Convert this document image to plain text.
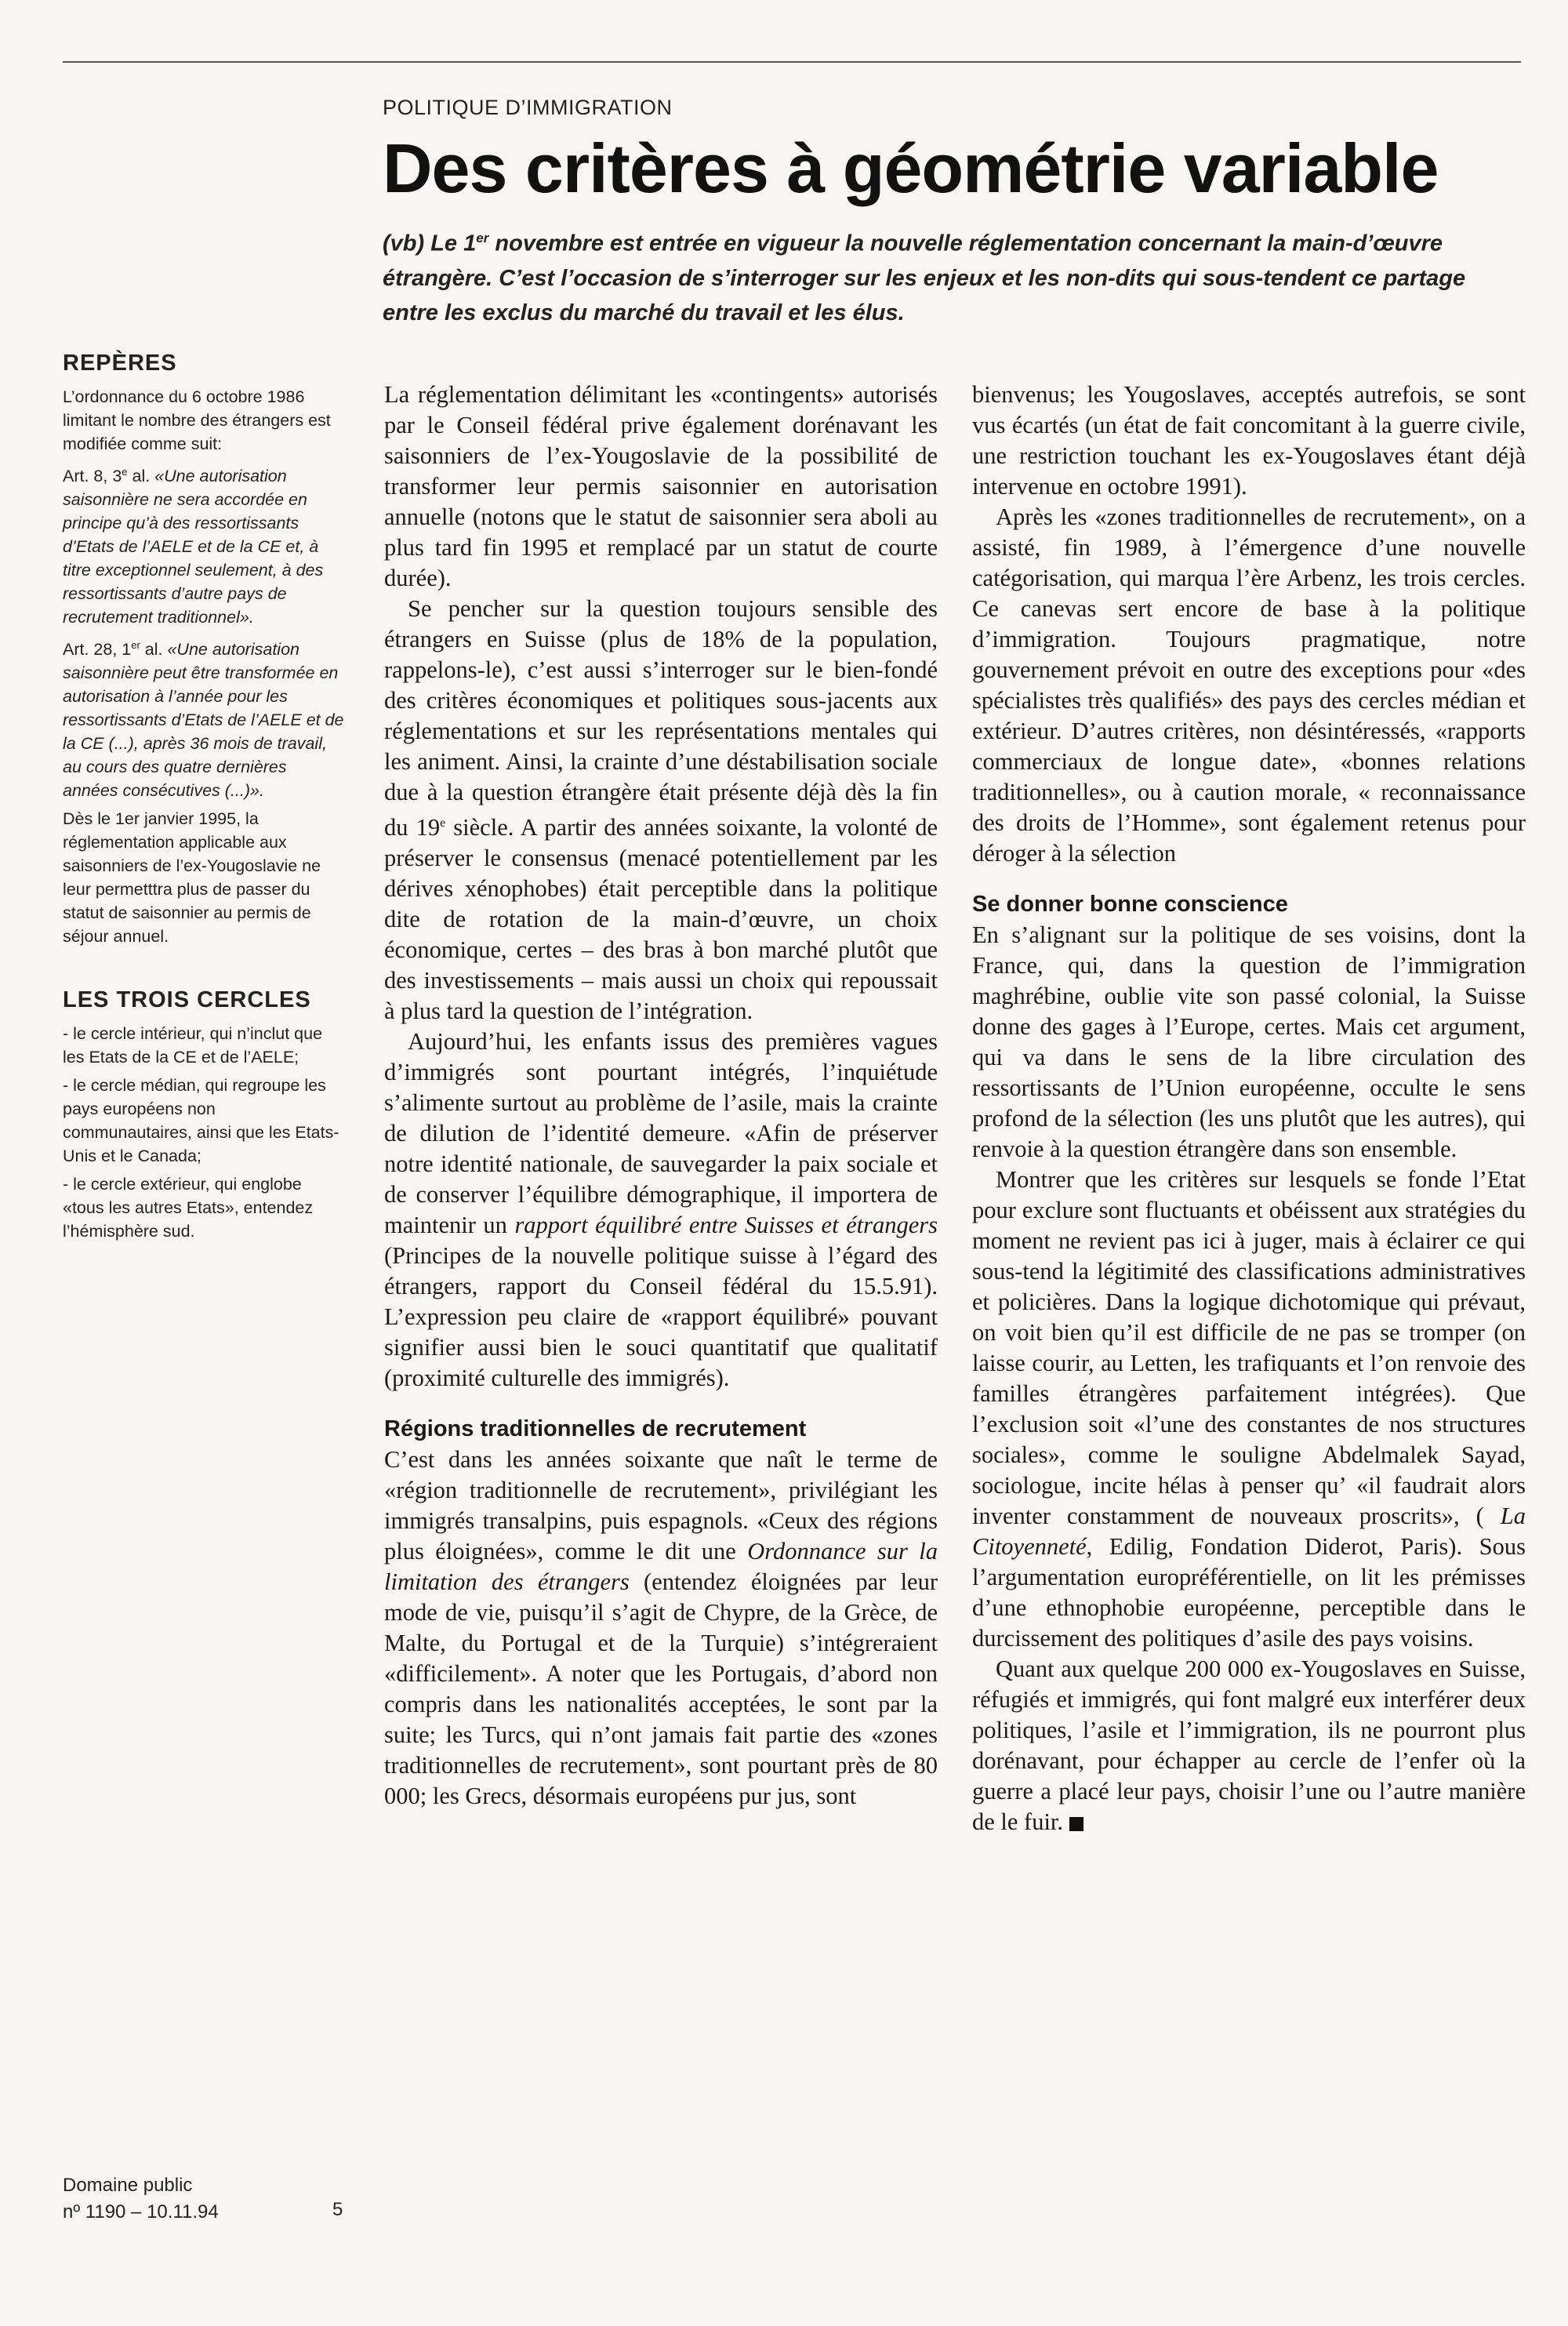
POLITIQUE D’IMMIGRATION
Des critères à géométrie variable

(vb) Le 1er novembre est entrée en vigueur la nouvelle réglementation concernant la main-d’œuvre étrangère. C’est l’occasion de s’interroger sur les enjeux et les non-dits qui sous-tendent ce partage entre les exclus du marché du travail et les élus.

REPÈRES

L’ordonnance du 6 octobre 1986 limitant le nombre des étrangers est modifiée comme suit:

Art. 8, 3e al. «Une autorisation saisonnière ne sera accordée en principe qu’à des ressortissants d’Etats de l’AELE et de la CE et, à titre exceptionnel seulement, à des ressortissants d’autre pays de recrutement traditionnel».

Art. 28, 1er al. «Une autorisation saisonnière peut être transformée en autorisation à l’année pour les ressortissants d’Etats de l’AELE et de la CE (...), après 36 mois de travail, au cours des quatre dernières années consécutives (...)».

Dès le 1er janvier 1995, la réglementation applicable aux saisonniers de l’ex-Yougoslavie ne leur permetttra plus de passer du statut de saisonnier au permis de séjour annuel.

LES TROIS CERCLES

- le cercle intérieur, qui n’inclut que les Etats de la CE et de l’AELE;

- le cercle médian, qui regroupe les pays européens non communautaires, ainsi que les Etats-Unis et le Canada;

- le cercle extérieur, qui englobe «tous les autres Etats», entendez l’hémisphère sud.

Domaine public
nº 1190 – 10.11.94	5

La réglementation délimitant les «contingents» autorisés par le Conseil fédéral prive également dorénavant les saisonniers de l’ex-Yougoslavie de la possibilité de transformer leur permis saisonnier en autorisation annuelle (notons que le statut de saisonnier sera aboli au plus tard fin 1995 et remplacé par un statut de courte durée).

Se pencher sur la question toujours sensible des étrangers en Suisse (plus de 18% de la population, rappelons-le), c’est aussi s’interroger sur le bien-fondé des critères économiques et politiques sous-jacents aux réglementations et sur les représentations mentales qui les animent. Ainsi, la crainte d’une déstabilisation sociale due à la question étrangère était présente déjà dès la fin du 19e siècle. A partir des années soixante, la volonté de préserver le consensus (menacé potentiellement par les dérives xénophobes) était perceptible dans la politique dite de rotation de la main-d’œuvre, un choix économique, certes – des bras à bon marché plutôt que des investissements – mais aussi un choix qui repoussait à plus tard la question de l’intégration.

Aujourd’hui, les enfants issus des premières vagues d’immigrés sont pourtant intégrés, l’inquiétude s’alimente surtout au problème de l’asile, mais la crainte de dilution de l’identité demeure. «Afin de préserver notre identité nationale, de sauvegarder la paix sociale et de conserver l’équilibre démographique, il importera de maintenir un rapport équilibré entre Suisses et étrangers (Principes de la nouvelle politique suisse à l’égard des étrangers, rapport du Conseil fédéral du 15.5.91). L’expression peu claire de «rapport équilibré» pouvant signifier aussi bien le souci quantitatif que qualitatif (proximité culturelle des immigrés).

Régions traditionnelles de recrutement

C’est dans les années soixante que naît le terme de «région traditionnelle de recrutement», privilégiant les immigrés transalpins, puis espagnols. «Ceux des régions plus éloignées», comme le dit une Ordonnance sur la limitation des étrangers (entendez éloignées par leur mode de vie, puisqu’il s’agit de Chypre, de la Grèce, de Malte, du Portugal et de la Turquie) s’intégreraient «difficilement». A noter que les Portugais, d’abord non compris dans les nationalités acceptées, le sont par la suite; les Turcs, qui n’ont jamais fait partie des «zones traditionnelles de recrutement», sont pourtant près de 80 000; les Grecs, désormais européens pur jus, sont

bienvenus; les Yougoslaves, acceptés autrefois, se sont vus écartés (un état de fait concomitant à la guerre civile, une restriction touchant les ex-Yougoslaves étant déjà intervenue en octobre 1991).

Après les «zones traditionnelles de recrutement», on a assisté, fin 1989, à l’émergence d’une nouvelle catégorisation, qui marqua l’ère Arbenz, les trois cercles. Ce canevas sert encore de base à la politique d’immigration. Toujours pragmatique, notre gouvernement prévoit en outre des exceptions pour «des spécialistes très qualifiés» des pays des cercles médian et extérieur. D’autres critères, non désintéressés, «rapports commerciaux de longue date», «bonnes relations traditionnelles», ou à caution morale, « reconnaissance des droits de l’Homme», sont également retenus pour déroger à la sélection

Se donner bonne conscience

En s’alignant sur la politique de ses voisins, dont la France, qui, dans la question de l’immigration maghrébine, oublie vite son passé colonial, la Suisse donne des gages à l’Europe, certes. Mais cet argument, qui va dans le sens de la libre circulation des ressortissants de l’Union européenne, occulte le sens profond de la sélection (les uns plutôt que les autres), qui renvoie à la question étrangère dans son ensemble.

Montrer que les critères sur lesquels se fonde l’Etat pour exclure sont fluctuants et obéissent aux stratégies du moment ne revient pas ici à juger, mais à éclairer ce qui sous-tend la légitimité des classifications administratives et policières. Dans la logique dichotomique qui prévaut, on voit bien qu’il est difficile de ne pas se tromper (on laisse courir, au Letten, les trafiquants et l’on renvoie des familles étrangères parfaitement intégrées). Que l’exclusion soit «l’une des constantes de nos structures sociales», comme le souligne Abdelmalek Sayad, sociologue, incite hélas à penser qu’ «il faudrait alors inventer constamment de nouveaux proscrits», ( La Citoyenneté, Edilig, Fondation Diderot, Paris). Sous l’argumentation europréférentielle, on lit les prémisses d’une ethnophobie européenne, perceptible dans le durcissement des politiques d’asile des pays voisins.

Quant aux quelque 200 000 ex-Yougoslaves en Suisse, réfugiés et immigrés, qui font malgré eux interférer deux politiques, l’asile et l’immigration, ils ne pourront plus dorénavant, pour échapper au cercle de l’enfer où la guerre a placé leur pays, choisir l’une ou l’autre manière de le fuir.
